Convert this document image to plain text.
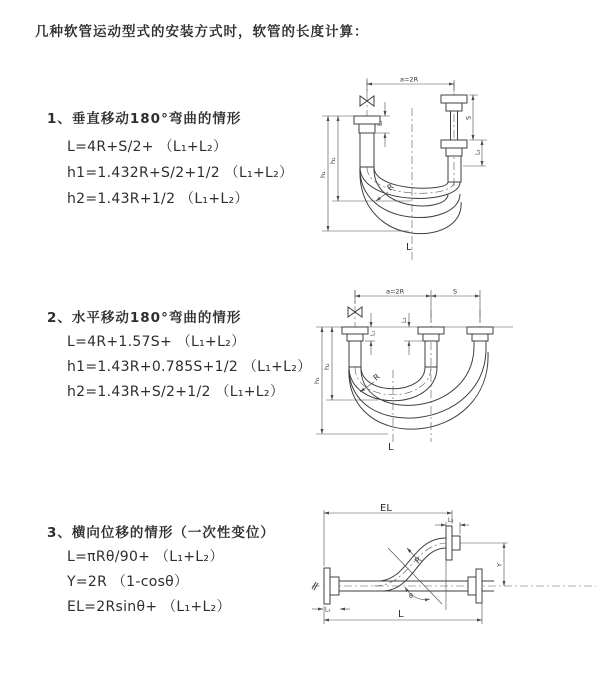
几种软管运动型式的安装方式时，软管的长度计算：
1、垂直移动180°弯曲的情形
L=4R+S/2+ （L₁+L₂）
h1=1.432R+S/2+1/2 （L₁+L₂）
h2=1.43R+1/2 （L₁+L₂）
2、水平移动180°弯曲的情形
L=4R+1.57S+ （L₁+L₂）
h1=1.43R+0.785S+1/2 （L₁+L₂）
h2=1.43R+S/2+1/2 （L₁+L₂）
3、横向位移的情形（一次性变位）
L=πRθ/90+ （L₁+L₂）
Y=2R （1-cosθ）
EL=2Rsinθ+ （L₁+L₂）
a=2R
L₁
S
L₂
h₁
h₂
R
L
a=2R	S
L₁
L₂
h₁
h₂
R
L
θ
EL
L₂
Y
L
L₁
R
